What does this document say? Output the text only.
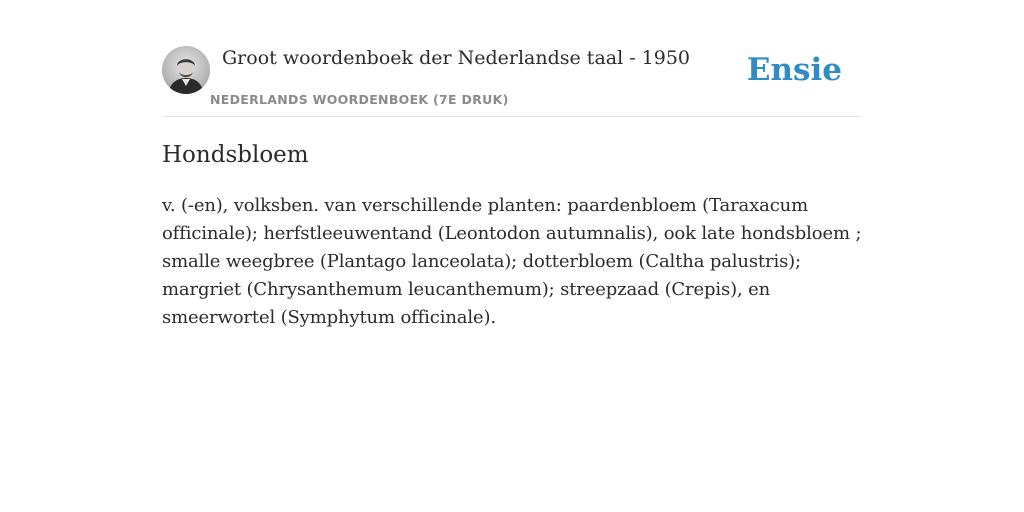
Groot woordenboek der Nederlandse taal - 1950
NEDERLANDS WOORDENBOEK (7E DRUK)
Ensie
Hondsbloem

v. (-en), volksben. van verschillende planten: paardenbloem (Taraxacum officinale); herfstleeuwentand (Leontodon autumnalis), ook late hondsbloem ; smalle weegbree (Plantago lanceolata); dotterbloem (Caltha palustris); margriet (Chrysanthemum leucanthemum); streepzaad (Crepis), en smeerwortel (Symphytum officinale).
